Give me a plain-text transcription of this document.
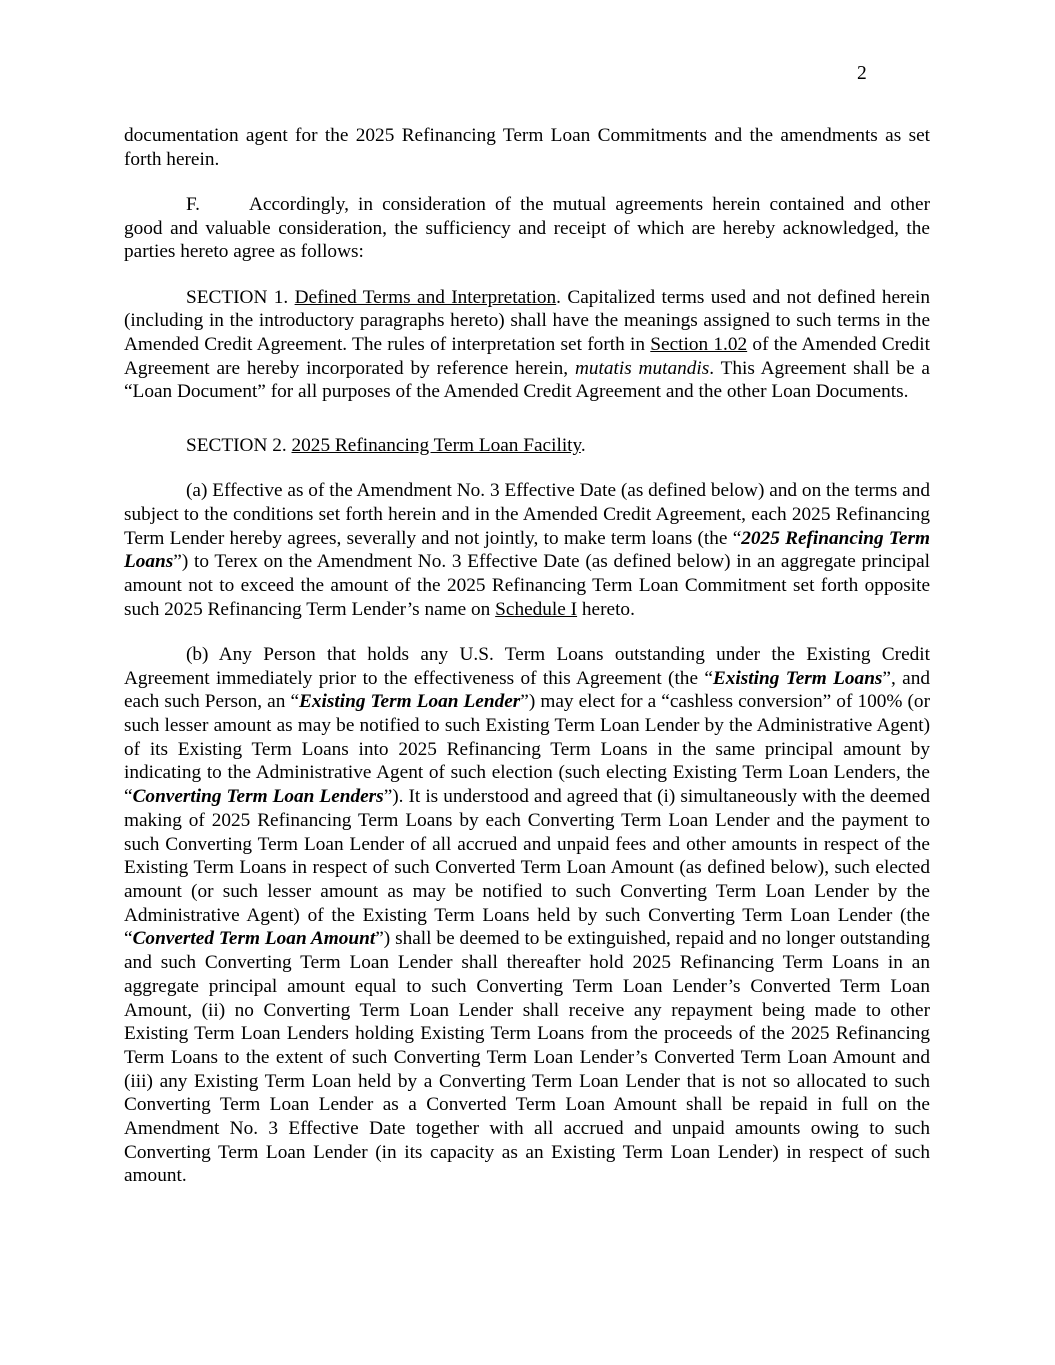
2

documentation agent for the 2025 Refinancing Term Loan Commitments and the amendments as set forth herein.

F.	Accordingly, in consideration of the mutual agreements herein contained and other good and valuable consideration, the sufficiency and receipt of which are hereby acknowledged, the parties hereto agree as follows:

SECTION 1. Defined Terms and Interpretation. Capitalized terms used and not defined herein (including in the introductory paragraphs hereto) shall have the meanings assigned to such terms in the Amended Credit Agreement. The rules of interpretation set forth in Section 1.02 of the Amended Credit Agreement are hereby incorporated by reference herein, mutatis mutandis. This Agreement shall be a “Loan Document” for all purposes of the Amended Credit Agreement and the other Loan Documents.

SECTION 2. 2025 Refinancing Term Loan Facility.

(a) Effective as of the Amendment No. 3 Effective Date (as defined below) and on the terms and subject to the conditions set forth herein and in the Amended Credit Agreement, each 2025 Refinancing Term Lender hereby agrees, severally and not jointly, to make term loans (the “2025 Refinancing Term Loans”) to Terex on the Amendment No. 3 Effective Date (as defined below) in an aggregate principal amount not to exceed the amount of the 2025 Refinancing Term Loan Commitment set forth opposite such 2025 Refinancing Term Lender’s name on Schedule I hereto.

(b) Any Person that holds any U.S. Term Loans outstanding under the Existing Credit Agreement immediately prior to the effectiveness of this Agreement (the “Existing Term Loans”, and each such Person, an “Existing Term Loan Lender”) may elect for a “cashless conversion” of 100% (or such lesser amount as may be notified to such Existing Term Loan Lender by the Administrative Agent) of its Existing Term Loans into 2025 Refinancing Term Loans in the same principal amount by indicating to the Administrative Agent of such election (such electing Existing Term Loan Lenders, the “Converting Term Loan Lenders”). It is understood and agreed that (i) simultaneously with the deemed making of 2025 Refinancing Term Loans by each Converting Term Loan Lender and the payment to such Converting Term Loan Lender of all accrued and unpaid fees and other amounts in respect of the Existing Term Loans in respect of such Converted Term Loan Amount (as defined below), such elected amount (or such lesser amount as may be notified to such Converting Term Loan Lender by the Administrative Agent) of the Existing Term Loans held by such Converting Term Loan Lender (the “Converted Term Loan Amount”) shall be deemed to be extinguished, repaid and no longer outstanding and such Converting Term Loan Lender shall thereafter hold 2025 Refinancing Term Loans in an aggregate principal amount equal to such Converting Term Loan Lender’s Converted Term Loan Amount, (ii) no Converting Term Loan Lender shall receive any repayment being made to other Existing Term Loan Lenders holding Existing Term Loans from the proceeds of the 2025 Refinancing Term Loans to the extent of such Converting Term Loan Lender’s Converted Term Loan Amount and (iii) any Existing Term Loan held by a Converting Term Loan Lender that is not so allocated to such Converting Term Loan Lender as a Converted Term Loan Amount shall be repaid in full on the Amendment No. 3 Effective Date together with all accrued and unpaid amounts owing to such Converting Term Loan Lender (in its capacity as an Existing Term Loan Lender) in respect of such amount.
